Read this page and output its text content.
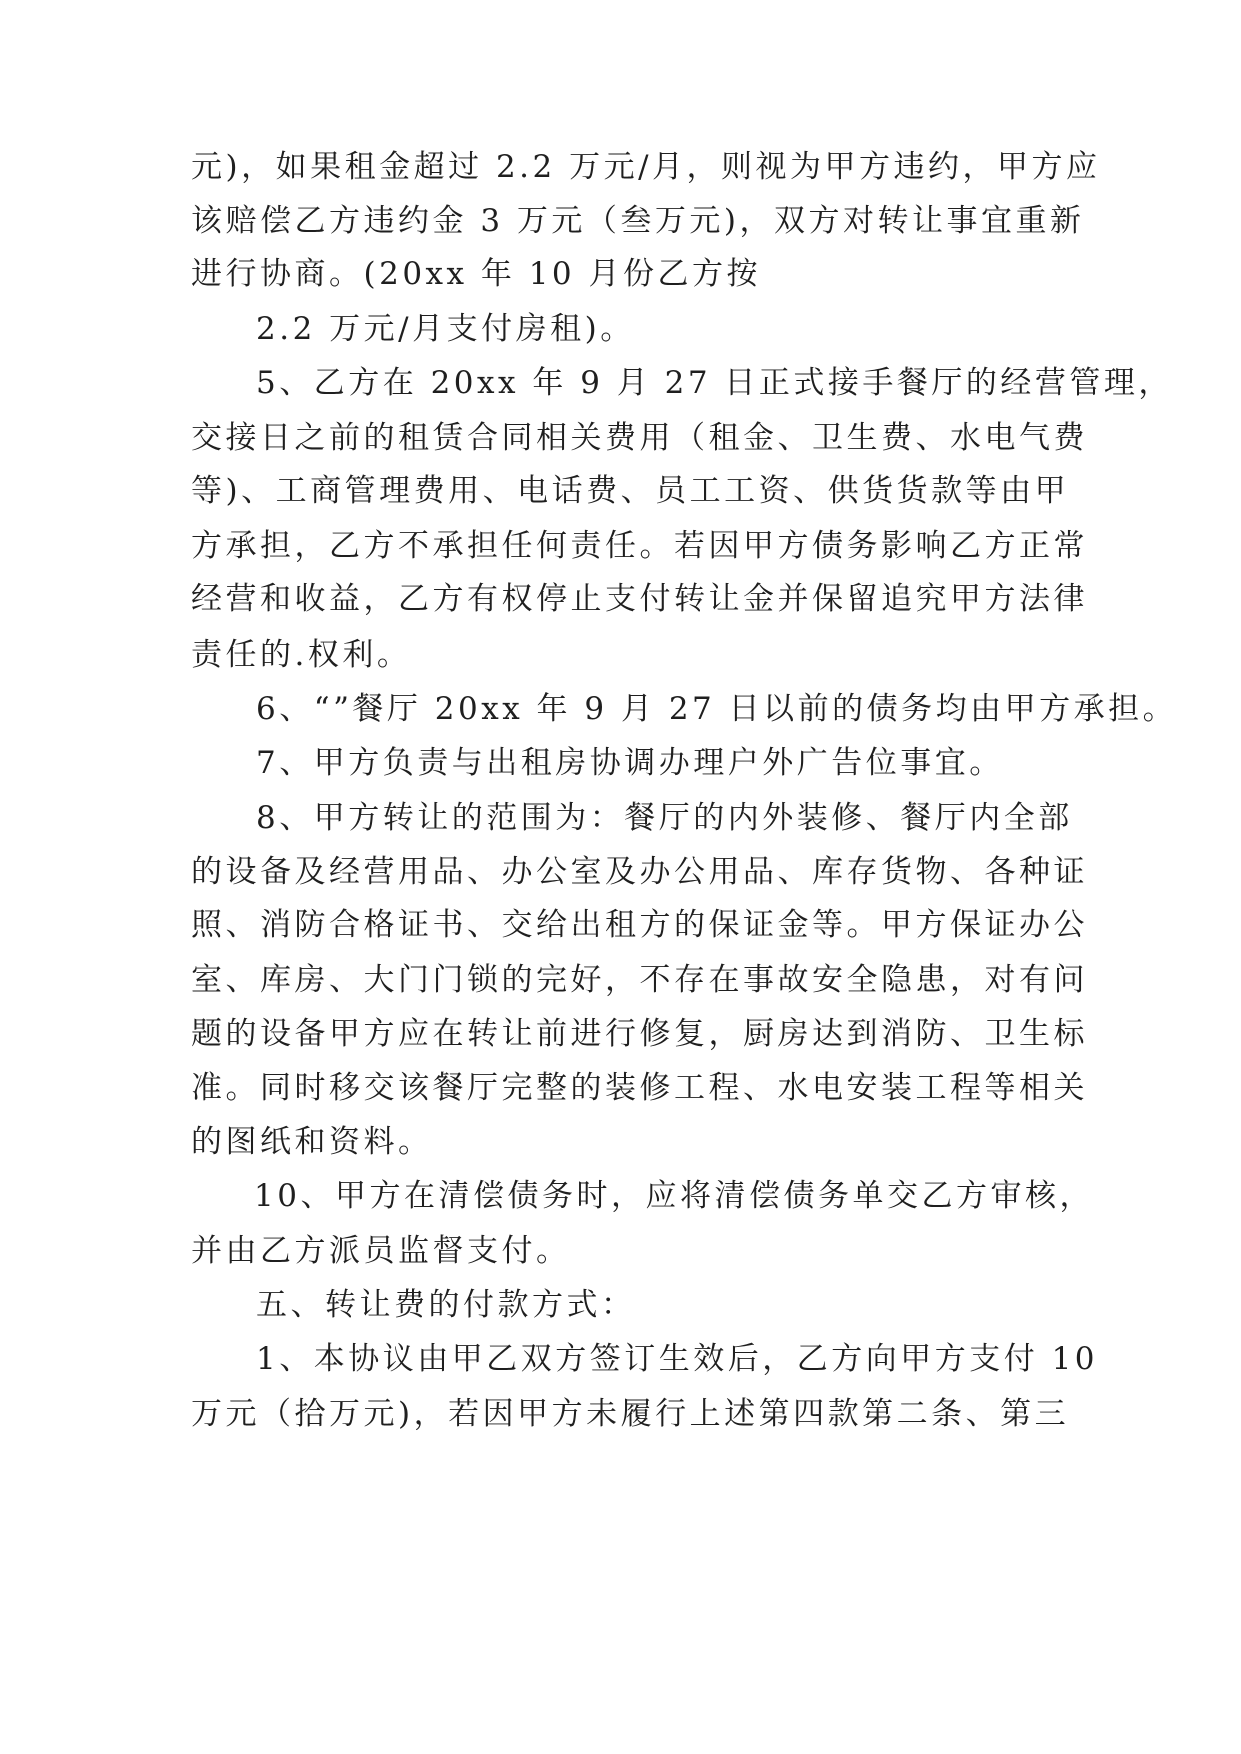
元)，如果租金超过 2.2 万元/月，则视为甲方违约，甲方应

该赔偿乙方违约金 3 万元（叁万元)，双方对转让事宜重新

进行协商。(20xx 年 10 月份乙方按

2.2 万元/月支付房租)。

5、乙方在 20xx 年 9 月 27 日正式接手餐厅的经营管理，

交接日之前的租赁合同相关费用（租金、卫生费、水电气费

等)、工商管理费用、电话费、员工工资、供货货款等由甲

方承担，乙方不承担任何责任。若因甲方债务影响乙方正常

经营和收益，乙方有权停止支付转让金并保留追究甲方法律

责任的.权利。

6、“”餐厅 20xx 年 9 月 27 日以前的债务均由甲方承担。

7、甲方负责与出租房协调办理户外广告位事宜。

8、甲方转让的范围为：餐厅的内外装修、餐厅内全部

的设备及经营用品、办公室及办公用品、库存货物、各种证

照、消防合格证书、交给出租方的保证金等。甲方保证办公

室、库房、大门门锁的完好，不存在事故安全隐患，对有问

题的设备甲方应在转让前进行修复，厨房达到消防、卫生标

准。同时移交该餐厅完整的装修工程、水电安装工程等相关

的图纸和资料。

10、甲方在清偿债务时，应将清偿债务单交乙方审核，

并由乙方派员监督支付。

五、转让费的付款方式：

1、本协议由甲乙双方签订生效后，乙方向甲方支付 10

万元（拾万元)，若因甲方未履行上述第四款第二条、第三
